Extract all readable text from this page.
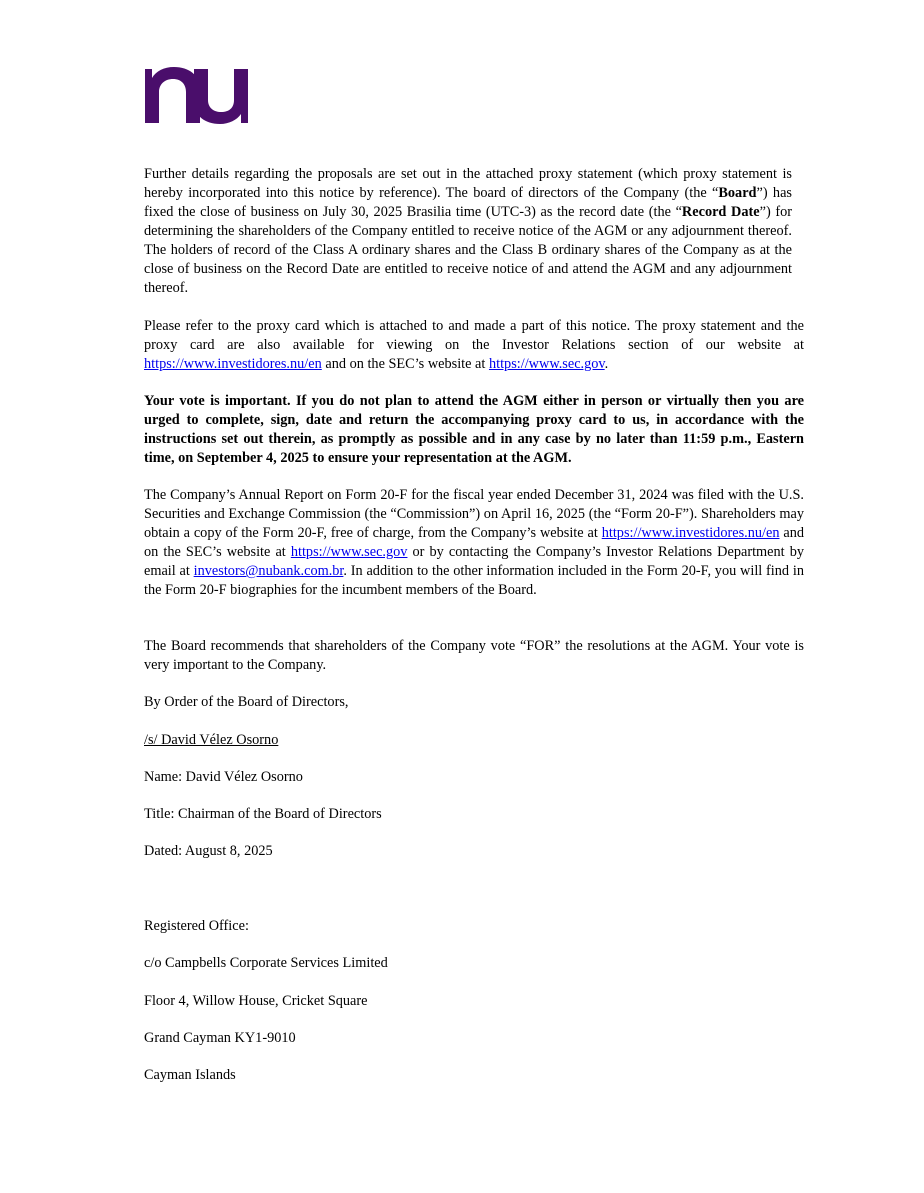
Further details regarding the proposals are set out in the attached proxy statement (which proxy statement is hereby incorporated into this notice by reference). The board of directors of the Company (the “Board”) has fixed the close of business on July 30, 2025 Brasilia time (UTC-3) as the record date (the “Record Date”) for determining the shareholders of the Company entitled to receive notice of the AGM or any adjournment thereof. The holders of record of the Class A ordinary shares and the Class B ordinary shares of the Company as at the close of business on the Record Date are entitled to receive notice of and attend the AGM and any adjournment thereof.

Please refer to the proxy card which is attached to and made a part of this notice. The proxy statement and the proxy card are also available for viewing on the Investor Relations section of our website at https://www.investidores.nu/en and on the SEC’s website at https://www.sec.gov.

Your vote is important. If you do not plan to attend the AGM either in person or virtually then you are urged to complete, sign, date and return the accompanying proxy card to us, in accordance with the instructions set out therein, as promptly as possible and in any case by no later than 11:59 p.m., Eastern time, on September 4, 2025 to ensure your representation at the AGM.

The Company’s Annual Report on Form 20-F for the fiscal year ended December 31, 2024 was filed with the U.S. Securities and Exchange Commission (the “Commission”) on April 16, 2025 (the “Form 20-F”). Shareholders may obtain a copy of the Form 20-F, free of charge, from the Company’s website at https://www.investidores.nu/en and on the SEC’s website at https://www.sec.gov or by contacting the Company’s Investor Relations Department by email at investors@nubank.com.br. In addition to the other information included in the Form 20-F, you will find in the Form 20-F biographies for the incumbent members of the Board.

The Board recommends that shareholders of the Company vote “FOR” the resolutions at the AGM. Your vote is very important to the Company.

By Order of the Board of Directors,

/s/ David Vélez Osorno

Name: David Vélez Osorno

Title: Chairman of the Board of Directors

Dated: August 8, 2025

Registered Office:

c/o Campbells Corporate Services Limited

Floor 4, Willow House, Cricket Square

Grand Cayman KY1-9010

Cayman Islands
